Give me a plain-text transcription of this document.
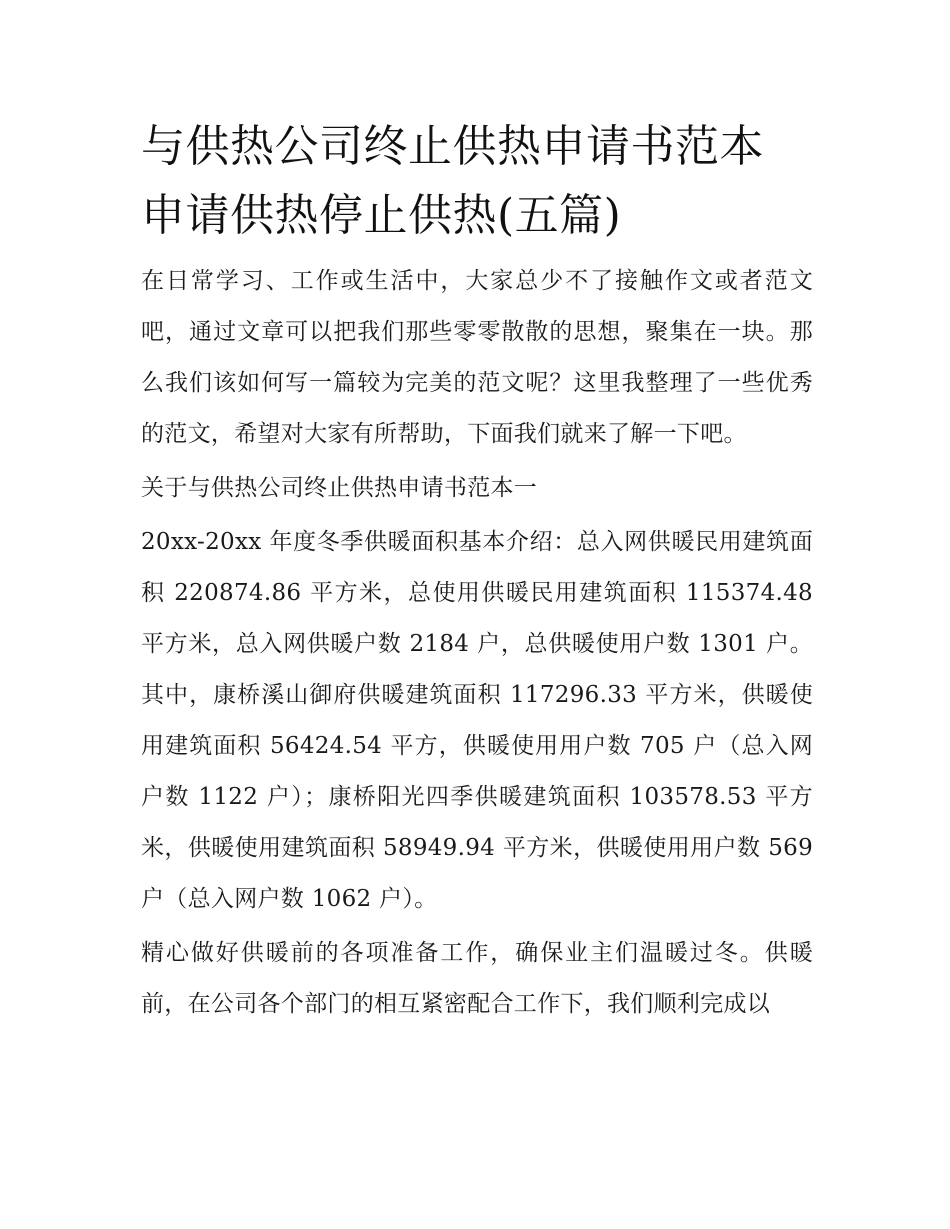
与供热公司终止供热申请书范本 申请供热停止供热(五篇)

在日常学习、工作或生活中，大家总少不了接触作文或者范文吧，通过文章可以把我们那些零零散散的思想，聚集在一块。那么我们该如何写一篇较为完美的范文呢？这里我整理了一些优秀的范文，希望对大家有所帮助，下面我们就来了解一下吧。

关于与供热公司终止供热申请书范本一

20xx-20xx 年度冬季供暖面积基本介绍：总入网供暖民用建筑面积 220874.86 平方米，总使用供暖民用建筑面积 115374.48 平方米，总入网供暖户数 2184 户，总供暖使用户数 1301 户。其中，康桥溪山御府供暖建筑面积 117296.33 平方米，供暖使用建筑面积 56424.54 平方，供暖使用用户数 705 户（总入网户数 1122 户）；康桥阳光四季供暖建筑面积 103578.53 平方米，供暖使用建筑面积 58949.94 平方米，供暖使用用户数 569 户（总入网户数 1062 户）。

精心做好供暖前的各项准备工作，确保业主们温暖过冬。供暖前，在公司各个部门的相互紧密配合工作下，我们顺利完成以
